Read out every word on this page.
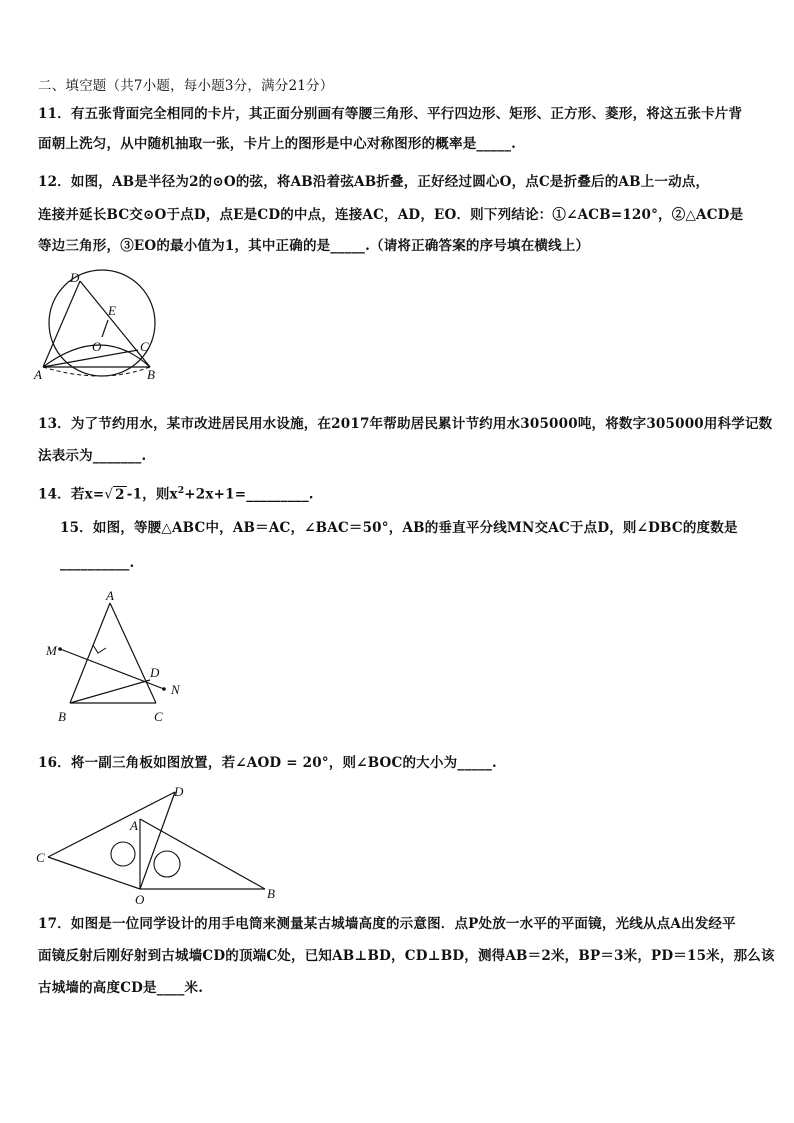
二、填空题（共7小题，每小题3分，满分21分）
11．有五张背面完全相同的卡片，其正面分别画有等腰三角形、平行四边形、矩形、正方形、菱形，将这五张卡片背
面朝上洗匀，从中随机抽取一张，卡片上的图形是中心对称图形的概率是_____.
12．如图，AB是半径为2的⊙O的弦，将AB沿着弦AB折叠，正好经过圆心O，点C是折叠后的AB上一动点，
连接并延长BC交⊙O于点D，点E是CD的中点，连接AC，AD，EO．则下列结论：①∠ACB=120°，②△ACD是
等边三角形，③EO的最小值为1，其中正确的是_____.（请将正确答案的序号填在横线上）
D
E
O	C
A	B
13．为了节约用水，某市改进居民用水设施，在2017年帮助居民累计节约用水305000吨，将数字305000用科学记数
法表示为_______.
14．若x=√ 2 -1，则$x^2+2x+1=\_\_\_\_\_\_\_\_\_$.
15．如图，等腰△ABC中，AB＝AC，∠BAC＝50°，AB的垂直平分线MN交AC于点D，则∠DBC的度数是
__________.
A
M
D
N
B	C
16．将一副三角板如图放置，若∠AOD = 20°，则∠BOC的大小为_____.
D
A
C
O	B
17．如图是一位同学设计的用手电筒来测量某古城墙高度的示意图．点P处放一水平的平面镜，光线从点A出发经平
面镜反射后刚好射到古城墙CD的顶端C处，已知AB⊥BD，CD⊥BD，测得AB＝2米，BP＝3米，PD＝15米，那么该
古城墙的高度CD是____米.
